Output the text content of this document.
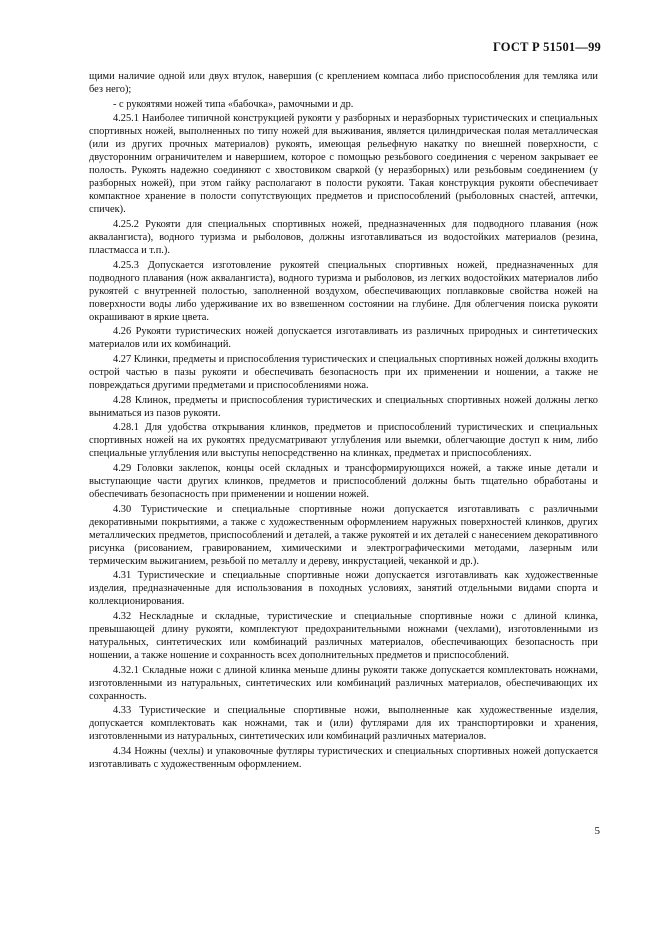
ГОСТ Р 51501—99

щими наличие одной или двух втулок, навершия (с креплением компаса либо приспособления для темляка или без него);

- с рукоятями ножей типа «бабочка», рамочными и др.

4.25.1 Наиболее типичной конструкцией рукояти у разборных и неразборных туристических и специальных спортивных ножей, выполненных по типу ножей для выживания, является цилиндрическая полая металлическая (или из других прочных материалов) рукоять, имеющая рельефную накатку по внешней поверхности, с двусторонним ограничителем и навершием, которое с помощью резьбового соединения с череном закрывает ее полость. Рукоять надежно соединяют с хвостовиком сваркой (у неразборных) или резьбовым соединением (у разборных ножей), при этом гайку располагают в полости рукояти. Такая конструкция рукояти обеспечивает компактное хранение в полости сопутствующих предметов и приспособлений (рыболовных снастей, аптечки, спичек).

4.25.2 Рукояти для специальных спортивных ножей, предназначенных для подводного плавания (нож аквалангиста), водного туризма и рыболовов, должны изготавливаться из водостойких материалов (резина, пластмасса и т.п.).

4.25.3 Допускается изготовление рукоятей специальных спортивных ножей, предназначенных для подводного плавания (нож аквалангиста), водного туризма и рыболовов, из легких водостойких материалов либо рукоятей с внутренней полостью, заполненной воздухом, обеспечивающих поплавковые свойства ножей на поверхности воды либо удерживание их во взвешенном состоянии на глубине. Для облегчения поиска рукояти окрашивают в яркие цвета.

4.26 Рукояти туристических ножей допускается изготавливать из различных природных и синтетических материалов или их комбинаций.

4.27 Клинки, предметы и приспособления туристических и специальных спортивных ножей должны входить острой частью в пазы рукояти и обеспечивать безопасность при их применении и ношении, а также не повреждаться другими предметами и приспособлениями ножа.

4.28 Клинок, предметы и приспособления туристических и специальных спортивных ножей должны легко выниматься из пазов рукояти.

4.28.1 Для удобства открывания клинков, предметов и приспособлений туристических и специальных спортивных ножей на их рукоятях предусматривают углубления или выемки, облегчающие доступ к ним, либо специальные углубления или выступы непосредственно на клинках, предметах и приспособлениях.

4.29 Головки заклепок, концы осей складных и трансформирующихся ножей, а также иные детали и выступающие части других клинков, предметов и приспособлений должны быть тщательно обработаны и обеспечивать безопасность при применении и ношении ножей.

4.30 Туристические и специальные спортивные ножи допускается изготавливать с различными декоративными покрытиями, а также с художественным оформлением наружных поверхностей клинков, других металлических предметов, приспособлений и деталей, а также рукоятей и их деталей с нанесением декоративного рисунка (рисованием, гравированием, химическими и электрографическими методами, лазерным или термическим выжиганием, резьбой по металлу и дереву, инкрустацией, чеканкой и др.).

4.31 Туристические и специальные спортивные ножи допускается изготавливать как художественные изделия, предназначенные для использования в походных условиях, занятий отдельными видами спорта и коллекционирования.

4.32 Нескладные и складные, туристические и специальные спортивные ножи с длиной клинка, превышающей длину рукояти, комплектуют предохранительными ножнами (чехлами), изготовленными из натуральных, синтетических или комбинаций различных материалов, обеспечивающих безопасность при ношении, а также ношение и сохранность всех дополнительных предметов и приспособлений.

4.32.1 Складные ножи с длиной клинка меньше длины рукояти также допускается комплектовать ножнами, изготовленными из натуральных, синтетических или комбинаций различных материалов, обеспечивающих их сохранность.

4.33 Туристические и специальные спортивные ножи, выполненные как художественные изделия, допускается комплектовать как ножнами, так и (или) футлярами для их транспортировки и хранения, изготовленными из натуральных, синтетических или комбинаций различных материалов.

4.34 Ножны (чехлы) и упаковочные футляры туристических и специальных спортивных ножей допускается изготавливать с художественным оформлением.

5
